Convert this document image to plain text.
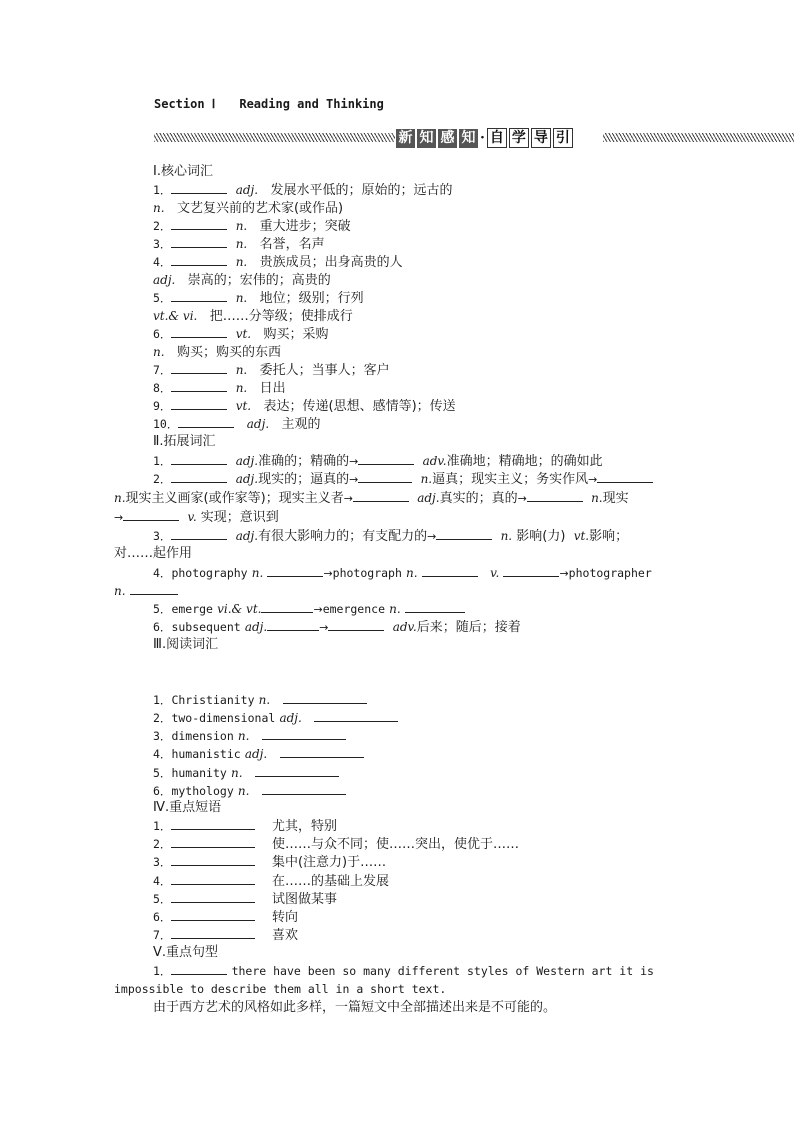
Section Ⅰ Reading and Thinking
新 知 感 知 · 自 学 导 引
Ⅰ.核心词汇
1．	adj. 发展水平低的；原始的；远古的
n. 文艺复兴前的艺术家(或作品)
2．	n. 重大进步；突破
3．	n. 名誉，名声
4．	n. 贵族成员；出身高贵的人
adj. 崇高的；宏伟的；高贵的
5．	n. 地位；级别；行列
vt.& vi. 把……分等级；使排成行
6．	vt. 购买；采购
n. 购买；购买的东西
7．	n. 委托人；当事人；客户
8．	n. 日出
9．	vt. 表达；传递(思想、感情等)；传送
10．	adj. 主观的
Ⅱ.拓展词汇
1．	adj.准确的；精确的→	adv.准确地；精确地；的确如此
2．	adj.现实的；逼真的→	n.逼真；现实主义；务实作风→
n.现实主义画家(或作家等)；现实主义者→	adj.真实的；真的→	n.现实
→	v. 实现；意识到
3．	adj.有很大影响力的；有支配力的→	n. 影响(力) vt.影响；
对……起作用
4．photography n.	→photograph n.	v.	→photographer
n.
5．emerge vi.& vt.	→emergence n.
6．subsequent adj.	→	adv.后来；随后；接着
Ⅲ.阅读词汇
1．Christianity n.
2．two-dimensional adj.
3．dimension n.
4．humanistic adj.
5．humanity n.
6．mythology n.
Ⅳ.重点短语
1．	尤其，特别
2．	使……与众不同；使……突出，使优于……
3．	集中(注意力)于……
4．	在……的基础上发展
5．	试图做某事
6．	转向
7．	喜欢
Ⅴ.重点句型
1．	there have been so many different styles of Western art it is
impossible to describe them all in a short text.
由于西方艺术的风格如此多样，一篇短文中全部描述出来是不可能的。
